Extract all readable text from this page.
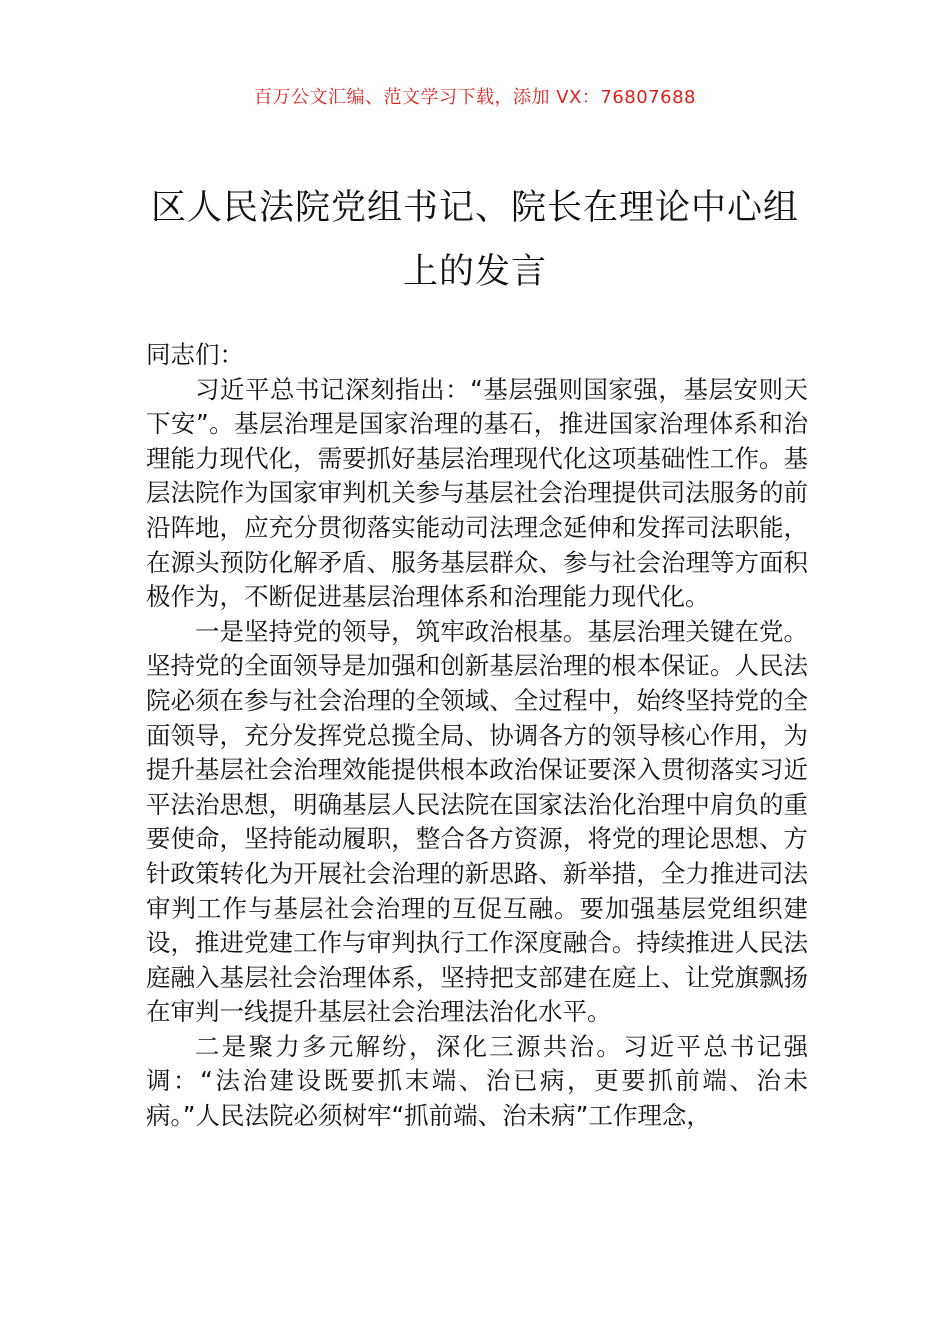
百万公文汇编、范文学习下载，添加 VX：76807688
区人民法院党组书记、院长在理论中心组
上的发言

同志们：

习近平总书记深刻指出：“基层强则国家强，基层安则天下安”。基层治理是国家治理的基石，推进国家治理体系和治理能力现代化，需要抓好基层治理现代化这项基础性工作。基层法院作为国家审判机关参与基层社会治理提供司法服务的前沿阵地，应充分贯彻落实能动司法理念延伸和发挥司法职能，在源头预防化解矛盾、服务基层群众、参与社会治理等方面积极作为，不断促进基层治理体系和治理能力现代化。

一是坚持党的领导，筑牢政治根基。基层治理关键在党。坚持党的全面领导是加强和创新基层治理的根本保证。人民法院必须在参与社会治理的全领域、全过程中，始终坚持党的全面领导，充分发挥党总揽全局、协调各方的领导核心作用，为提升基层社会治理效能提供根本政治保证要深入贯彻落实习近平法治思想，明确基层人民法院在国家法治化治理中肩负的重要使命，坚持能动履职，整合各方资源，将党的理论思想、方针政策转化为开展社会治理的新思路、新举措，全力推进司法审判工作与基层社会治理的互促互融。要加强基层党组织建设，推进党建工作与审判执行工作深度融合。持续推进人民法庭融入基层社会治理体系，坚持把支部建在庭上、让党旗飘扬在审判一线提升基层社会治理法治化水平。

二是聚力多元解纷，深化三源共治。习近平总书记强调：“法治建设既要抓末端、治已病，更要抓前端、治未病。”人民法院必须树牢“抓前端、治未病”工作理念，
